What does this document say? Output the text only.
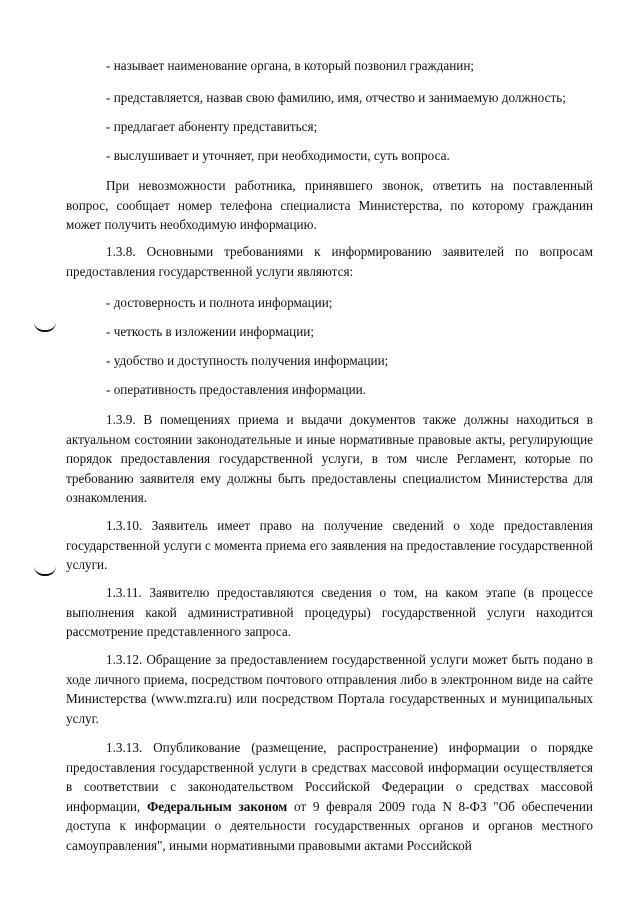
- называет наименование органа, в который позвонил гражданин;

- представляется, назвав свою фамилию, имя, отчество и занимаемую должность;

- предлагает абоненту представиться;

- выслушивает и уточняет, при необходимости, суть вопроса.

При невозможности работника, принявшего звонок, ответить на поставленный вопрос, сообщает номер телефона специалиста Министерства, по которому гражданин может получить необходимую информацию.

1.3.8. Основными требованиями к информированию заявителей по вопросам предоставления государственной услуги являются:

- достоверность и полнота информации;

- четкость в изложении информации;

- удобство и доступность получения информации;

- оперативность предоставления информации.

1.3.9. В помещениях приема и выдачи документов также должны находиться в актуальном состоянии законодательные и иные нормативные правовые акты, регулирующие порядок предоставления государственной услуги, в том числе Регламент, которые по требованию заявителя ему должны быть предоставлены специалистом Министерства для ознакомления.

1.3.10. Заявитель имеет право на получение сведений о ходе предоставления государственной услуги с момента приема его заявления на предоставление государственной услуги.

1.3.11. Заявителю предоставляются сведения о том, на каком этапе (в процессе выполнения какой административной процедуры) государственной услуги находится рассмотрение представленного запроса.

1.3.12. Обращение за предоставлением государственной услуги может быть подано в ходе личного приема, посредством почтового отправления либо в электронном виде на сайте Министерства (www.mzra.ru) или посредством Портала государственных и муниципальных услуг.

1.3.13. Опубликование (размещение, распространение) информации о порядке предоставления государственной услуги в средствах массовой информации осуществляется в соответствии с законодательством Российской Федерации о средствах массовой информации, Федеральным законом от 9 февраля 2009 года N 8-ФЗ "Об обеспечении доступа к информации о деятельности государственных органов и органов местного самоуправления", иными нормативными правовыми актами Российской
